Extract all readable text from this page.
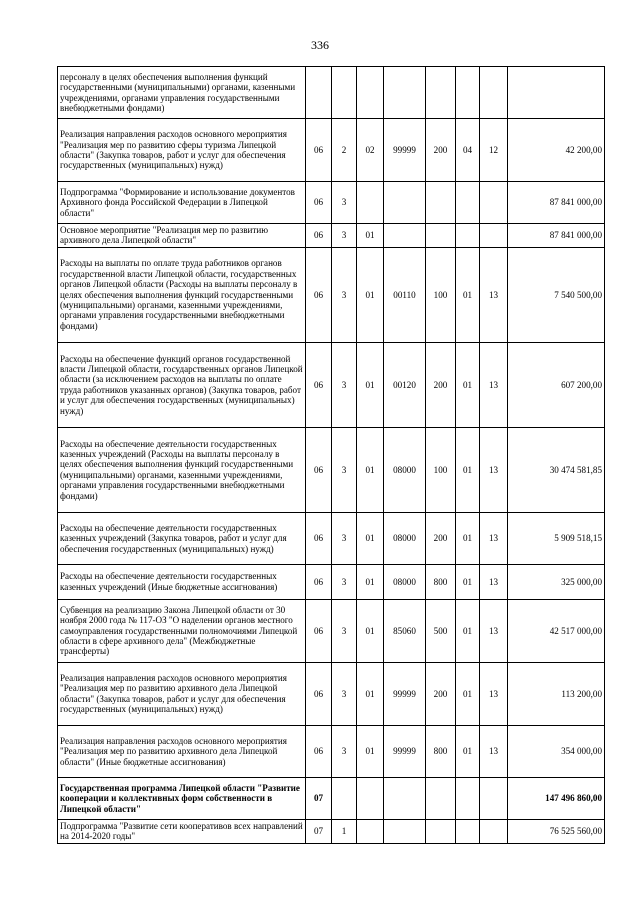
336
персоналу в целях обеспечения выполнения функций государственными (муниципальными) органами, казенными учреждениями, органами управления государственными внебюджетными фондами)								
Реализация направления расходов основного мероприятия "Реализация мер по развитию сферы туризма Липецкой области" (Закупка товаров, работ и услуг для обеспечения государственных (муниципальных) нужд)	06	2	02	99999	200	04	12	42 200,00
Подпрограмма "Формирование и использование документов Архивного фонда Российской Федерации в Липецкой области"	06	3						87 841 000,00
Основное мероприятие "Реализация мер по развитию архивного дела Липецкой области"	06	3	01					87 841 000,00
Расходы на выплаты по оплате труда работников органов государственной власти Липецкой области, государственных органов Липецкой области (Расходы на выплаты персоналу в целях обеспечения выполнения функций государственными (муниципальными) органами, казенными учреждениями, органами управления государственными внебюджетными фондами)	06	3	01	00110	100	01	13	7 540 500,00
Расходы на обеспечение функций органов государственной власти Липецкой области, государственных органов Липецкой области (за исключением расходов на выплаты по оплате труда работников указанных органов) (Закупка товаров, работ и услуг для обеспечения государственных (муниципальных) нужд)	06	3	01	00120	200	01	13	607 200,00
Расходы на обеспечение деятельности государственных казенных учреждений (Расходы на выплаты персоналу в целях обеспечения выполнения функций государственными (муниципальными) органами, казенными учреждениями, органами управления государственными внебюджетными фондами)	06	3	01	08000	100	01	13	30 474 581,85
Расходы на обеспечение деятельности государственных казенных учреждений (Закупка товаров, работ и услуг для обеспечения государственных (муниципальных) нужд)	06	3	01	08000	200	01	13	5 909 518,15
Расходы на обеспечение деятельности государственных казенных учреждений (Иные бюджетные ассигнования)	06	3	01	08000	800	01	13	325 000,00
Субвенция на реализацию Закона Липецкой области от 30 ноября 2000 года № 117-ОЗ "О наделении органов местного самоуправления государственными полномочиями Липецкой области в сфере архивного дела" (Межбюджетные трансферты)	06	3	01	85060	500	01	13	42 517 000,00
Реализация направления расходов основного мероприятия "Реализация мер по развитию архивного дела Липецкой области" (Закупка товаров, работ и услуг для обеспечения государственных (муниципальных) нужд)	06	3	01	99999	200	01	13	113 200,00
Реализация направления расходов основного мероприятия "Реализация мер по развитию архивного дела Липецкой области" (Иные бюджетные ассигнования)	06	3	01	99999	800	01	13	354 000,00
Государственная программа Липецкой области "Развитие кооперации и коллективных форм собственности в Липецкой области"	07							147 496 860,00
Подпрограмма "Развитие сети кооперативов всех направлений на 2014-2020 годы"	07	1						76 525 560,00
